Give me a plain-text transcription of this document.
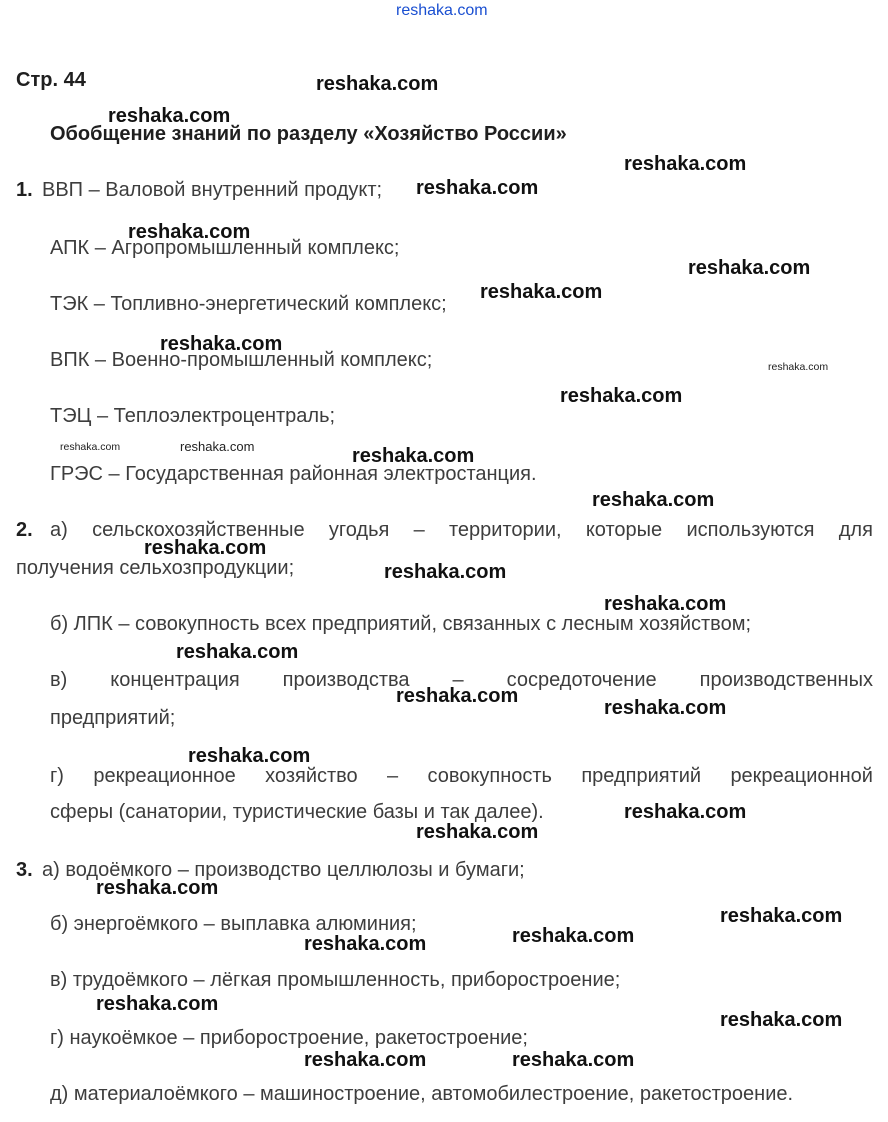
reshaka.com
Стр. 44
Обобщение знаний по разделу «Хозяйство России»
1. ВВП – Валовой внутренний продукт;
АПК – Агропромышленный комплекс;
ТЭК – Топливно-энергетический комплекс;
ВПК – Военно-промышленный комплекс;
ТЭЦ – Теплоэлектроцентраль;
ГРЭС – Государственная районная электростанция.
2. а) сельскохозяйственные угодья – территории, которые используются для
получения сельхозпродукции;
б) ЛПК – совокупность всех предприятий, связанных с лесным хозяйством;
в) концентрация производства – сосредоточение производственных
предприятий;
г) рекреационное хозяйство – совокупность предприятий рекреационной
сферы (санатории, туристические базы и так далее).
3. а) водоёмкого – производство целлюлозы и бумаги;
б) энергоёмкого – выплавка алюминия;
в) трудоёмкого – лёгкая промышленность, приборостроение;
г) наукоёмкое – приборостроение, ракетостроение;
д) материалоёмкого – машиностроение, автомобилестроение, ракетостроение.
reshaka.com
reshaka.com
reshaka.com
reshaka.com
reshaka.com
reshaka.com
reshaka.com
reshaka.com
reshaka.com
reshaka.com
reshaka.com	reshaka.com	reshaka.com
reshaka.com
reshaka.com
reshaka.com
reshaka.com
reshaka.com
reshaka.com
reshaka.com
reshaka.com
reshaka.com
reshaka.com
reshaka.com
reshaka.com
reshaka.com
reshaka.com
reshaka.com
reshaka.com
reshaka.com	reshaka.com
